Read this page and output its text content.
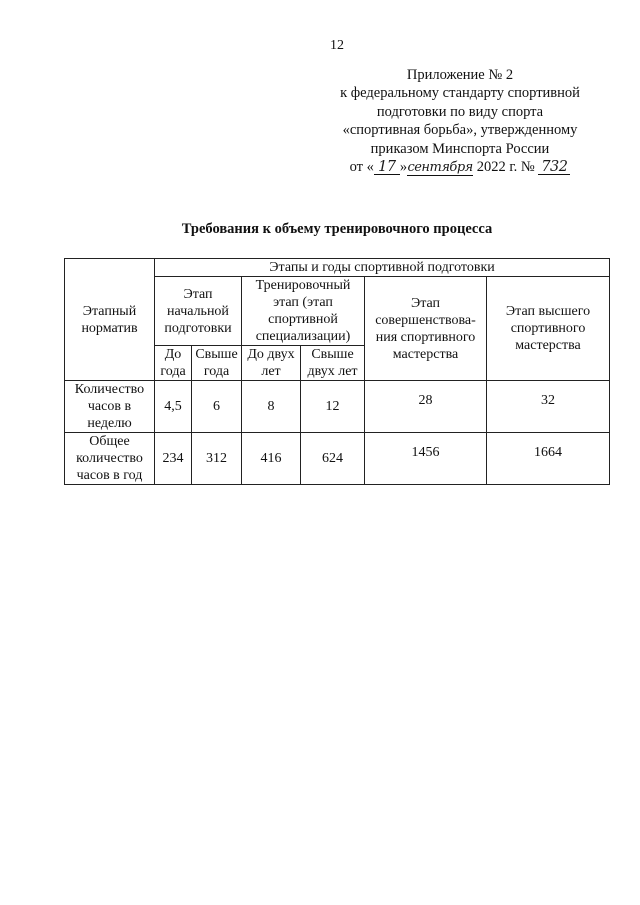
12
Приложение № 2
к федеральному стандарту спортивной
подготовки по виду спорта
«спортивная борьба», утвержденному
приказом Минспорта России
от « 17 »сентября 2022 г. № 732
Требования к объему тренировочного процесса
Этапный норматив	Этапы и годы спортивной подготовки					
	Этап начальной подготовки		Тренировочный этап (этап спортивной специализации)		Этап совершенствова-ния спортивного мастерства	Этап высшего спортивного мастерства
	До года	Свыше года	До двух лет	Свыше двух лет		
Количество часов в неделю	4,5	6	8	12	28	32
Общее количество часов в год	234	312	416	624	1456	1664
